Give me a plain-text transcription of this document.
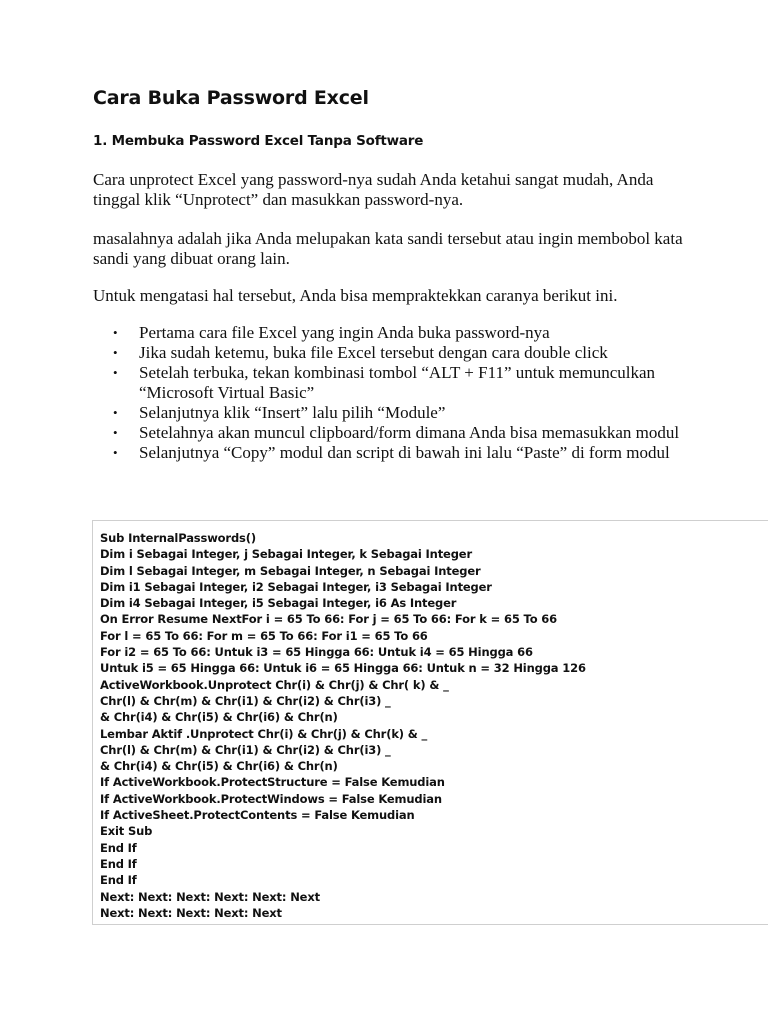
Cara Buka Password Excel
1. Membuka Password Excel Tanpa Software

Cara unprotect Excel yang password-nya sudah Anda ketahui sangat mudah, Anda tinggal klik “Unprotect” dan masukkan password-nya.

masalahnya adalah jika Anda melupakan kata sandi tersebut atau ingin membobol kata sandi yang dibuat orang lain.

Untuk mengatasi hal tersebut, Anda bisa mempraktekkan caranya berikut ini.

• Pertama cara file Excel yang ingin Anda buka password-nya
• Jika sudah ketemu, buka file Excel tersebut dengan cara double click
• Setelah terbuka, tekan kombinasi tombol “ALT + F11” untuk memunculkan “Microsoft Virtual Basic”
• Selanjutnya klik “Insert” lalu pilih “Module”
• Setelahnya akan muncul clipboard/form dimana Anda bisa memasukkan modul
• Selanjutnya “Copy” modul dan script di bawah ini lalu “Paste” di form modul
Sub InternalPasswords()
Dim i Sebagai Integer, j Sebagai Integer, k Sebagai Integer
Dim l Sebagai Integer, m Sebagai Integer, n Sebagai Integer
Dim i1 Sebagai Integer, i2 Sebagai Integer, i3 Sebagai Integer
Dim i4 Sebagai Integer, i5 Sebagai Integer, i6 As Integer
On Error Resume NextFor i = 65 To 66: For j = 65 To 66: For k = 65 To 66
For l = 65 To 66: For m = 65 To 66: For i1 = 65 To 66
For i2 = 65 To 66: Untuk i3 = 65 Hingga 66: Untuk i4 = 65 Hingga 66
Untuk i5 = 65 Hingga 66: Untuk i6 = 65 Hingga 66: Untuk n = 32 Hingga 126
ActiveWorkbook.Unprotect Chr(i) & Chr(j) & Chr( k) & _
Chr(l) & Chr(m) & Chr(i1) & Chr(i2) & Chr(i3) _
& Chr(i4) & Chr(i5) & Chr(i6) & Chr(n)
Lembar Aktif .Unprotect Chr(i) & Chr(j) & Chr(k) & _
Chr(l) & Chr(m) & Chr(i1) & Chr(i2) & Chr(i3) _
& Chr(i4) & Chr(i5) & Chr(i6) & Chr(n)
If ActiveWorkbook.ProtectStructure = False Kemudian
If ActiveWorkbook.ProtectWindows = False Kemudian
If ActiveSheet.ProtectContents = False Kemudian
Exit Sub
End If
End If
End If
Next: Next: Next: Next: Next: Next
Next: Next: Next: Next: Next
